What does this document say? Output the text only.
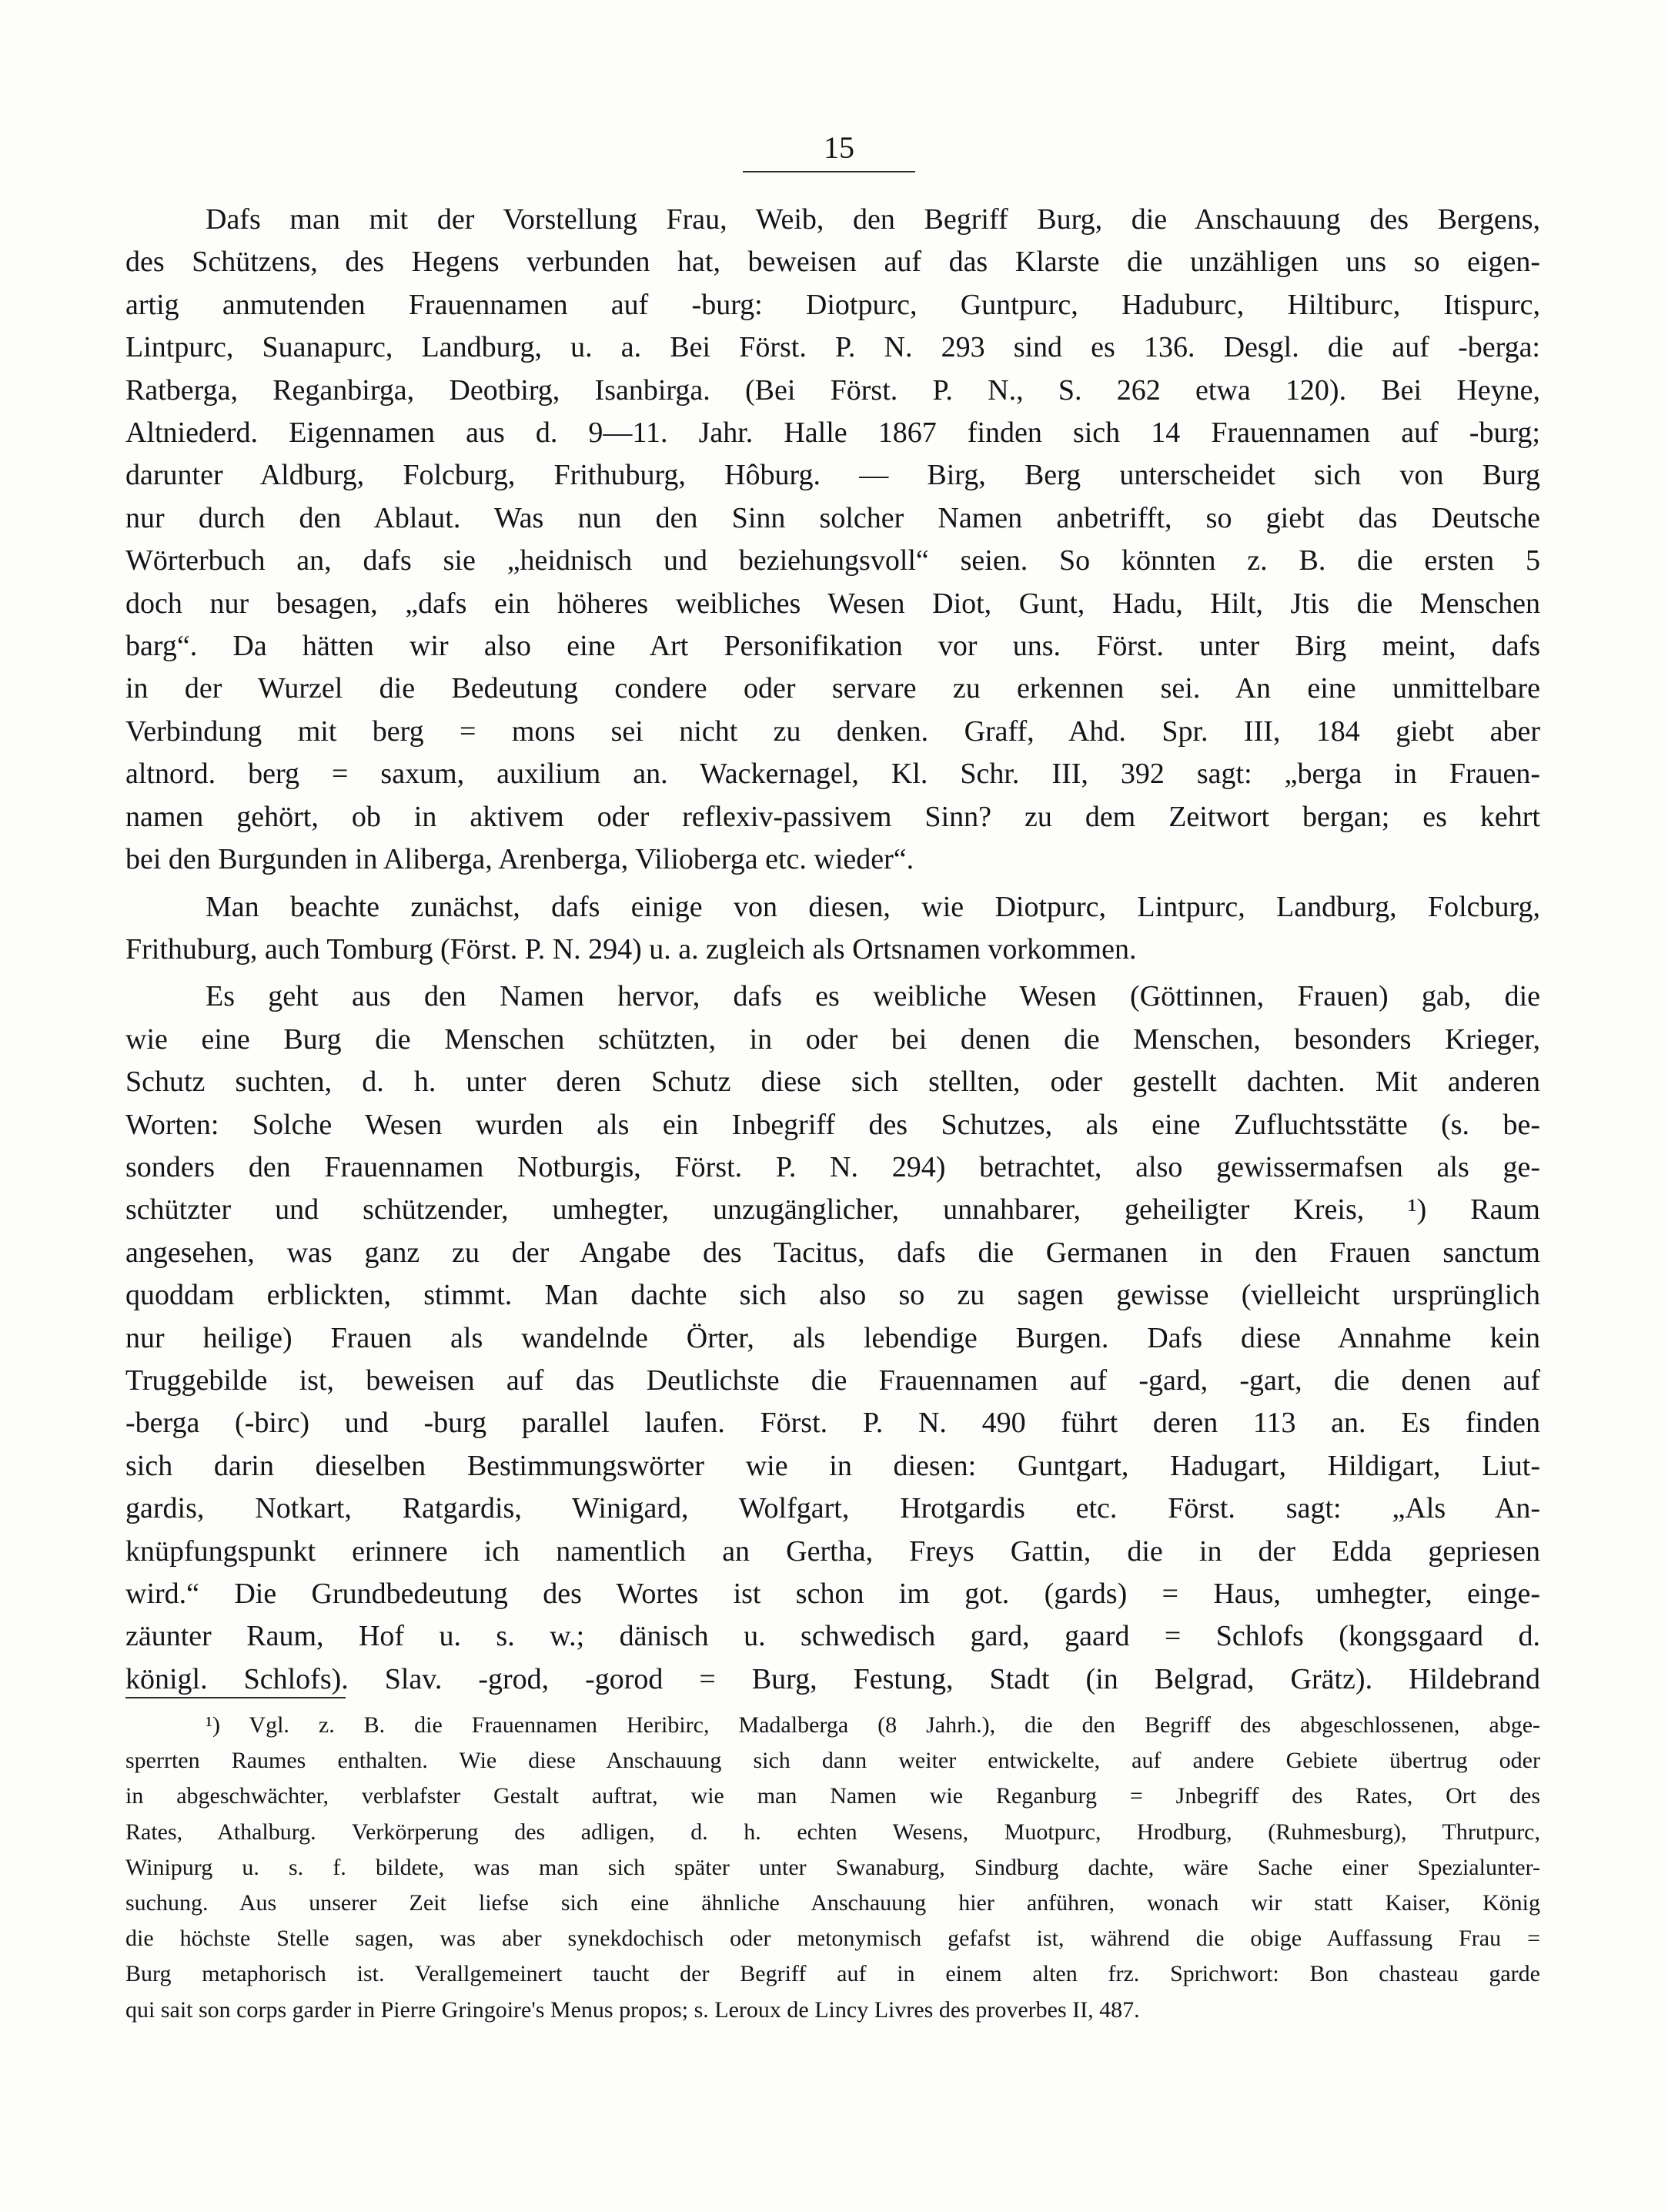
15

Dafs man mit der Vorstellung Frau, Weib, den Begriff Burg, die Anschauung des Bergens,
des Schützens, des Hegens verbunden hat, beweisen auf das Klarste die unzähligen uns so eigen-
artig anmutenden Frauennamen auf -burg: Diotpurc, Guntpurc, Haduburc, Hiltiburc, Itispurc,
Lintpurc, Suanapurc, Landburg, u. a. Bei Först. P. N. 293 sind es 136. Desgl. die auf -berga:
Ratberga, Reganbirga, Deotbirg, Isanbirga. (Bei Först. P. N., S. 262 etwa 120). Bei Heyne,
Altniederd. Eigennamen aus d. 9—11. Jahr. Halle 1867 finden sich 14 Frauennamen auf -burg;
darunter Aldburg, Folcburg, Frithuburg, Hôburg. — Birg, Berg unterscheidet sich von Burg
nur durch den Ablaut. Was nun den Sinn solcher Namen anbetrifft, so giebt das Deutsche
Wörterbuch an, dafs sie „heidnisch und beziehungsvoll“ seien. So könnten z. B. die ersten 5
doch nur besagen, „dafs ein höheres weibliches Wesen Diot, Gunt, Hadu, Hilt, Jtis die Menschen
barg“. Da hätten wir also eine Art Personifikation vor uns. Först. unter Birg meint, dafs
in der Wurzel die Bedeutung condere oder servare zu erkennen sei. An eine unmittelbare
Verbindung mit berg = mons sei nicht zu denken. Graff, Ahd. Spr. III, 184 giebt aber
altnord. berg = saxum, auxilium an. Wackernagel, Kl. Schr. III, 392 sagt: „berga in Frauen-
namen gehört, ob in aktivem oder reflexiv-passivem Sinn? zu dem Zeitwort bergan; es kehrt
bei den Burgunden in Aliberga, Arenberga, Vilioberga etc. wieder“.

Man beachte zunächst, dafs einige von diesen, wie Diotpurc, Lintpurc, Landburg, Folcburg,
Frithuburg, auch Tomburg (Först. P. N. 294) u. a. zugleich als Ortsnamen vorkommen.

Es geht aus den Namen hervor, dafs es weibliche Wesen (Göttinnen, Frauen) gab, die
wie eine Burg die Menschen schützten, in oder bei denen die Menschen, besonders Krieger,
Schutz suchten, d. h. unter deren Schutz diese sich stellten, oder gestellt dachten. Mit anderen
Worten: Solche Wesen wurden als ein Inbegriff des Schutzes, als eine Zufluchtsstätte (s. be-
sonders den Frauennamen Notburgis, Först. P. N. 294) betrachtet, also gewissermafsen als ge-
schützter und schützender, umhegter, unzugänglicher, unnahbarer, geheiligter Kreis, ¹) Raum
angesehen, was ganz zu der Angabe des Tacitus, dafs die Germanen in den Frauen sanctum
quoddam erblickten, stimmt. Man dachte sich also so zu sagen gewisse (vielleicht ursprünglich
nur heilige) Frauen als wandelnde Örter, als lebendige Burgen. Dafs diese Annahme kein
Truggebilde ist, beweisen auf das Deutlichste die Frauennamen auf -gard, -gart, die denen auf
-berga (-birc) und -burg parallel laufen. Först. P. N. 490 führt deren 113 an. Es finden
sich darin dieselben Bestimmungswörter wie in diesen: Guntgart, Hadugart, Hildigart, Liut-
gardis, Notkart, Ratgardis, Winigard, Wolfgart, Hrotgardis etc. Först. sagt: „Als An-
knüpfungspunkt erinnere ich namentlich an Gertha, Freys Gattin, die in der Edda gepriesen
wird.“ Die Grundbedeutung des Wortes ist schon im got. (gards) = Haus, umhegter, einge-
zäunter Raum, Hof u. s. w.; dänisch u. schwedisch gard, gaard = Schlofs (kongsgaard d.
königl. Schlofs). Slav. -grod, -gorod = Burg, Festung, Stadt (in Belgrad, Grätz). Hildebrand

¹) Vgl. z. B. die Frauennamen Heribirc, Madalberga (8 Jahrh.), die den Begriff des abgeschlossenen, abge-
sperrten Raumes enthalten. Wie diese Anschauung sich dann weiter entwickelte, auf andere Gebiete übertrug oder
in abgeschwächter, verblafster Gestalt auftrat, wie man Namen wie Reganburg = Jnbegriff des Rates, Ort des
Rates, Athalburg. Verkörperung des adligen, d. h. echten Wesens, Muotpurc, Hrodburg, (Ruhmesburg), Thrutpurc,
Winipurg u. s. f. bildete, was man sich später unter Swanaburg, Sindburg dachte, wäre Sache einer Spezialunter-
suchung. Aus unserer Zeit liefse sich eine ähnliche Anschauung hier anführen, wonach wir statt Kaiser, König
die höchste Stelle sagen, was aber synekdochisch oder metonymisch gefafst ist, während die obige Auffassung Frau =
Burg metaphorisch ist. Verallgemeinert taucht der Begriff auf in einem alten frz. Sprichwort: Bon chasteau garde
qui sait son corps garder in Pierre Gringoire's Menus propos; s. Leroux de Lincy Livres des proverbes II, 487.
